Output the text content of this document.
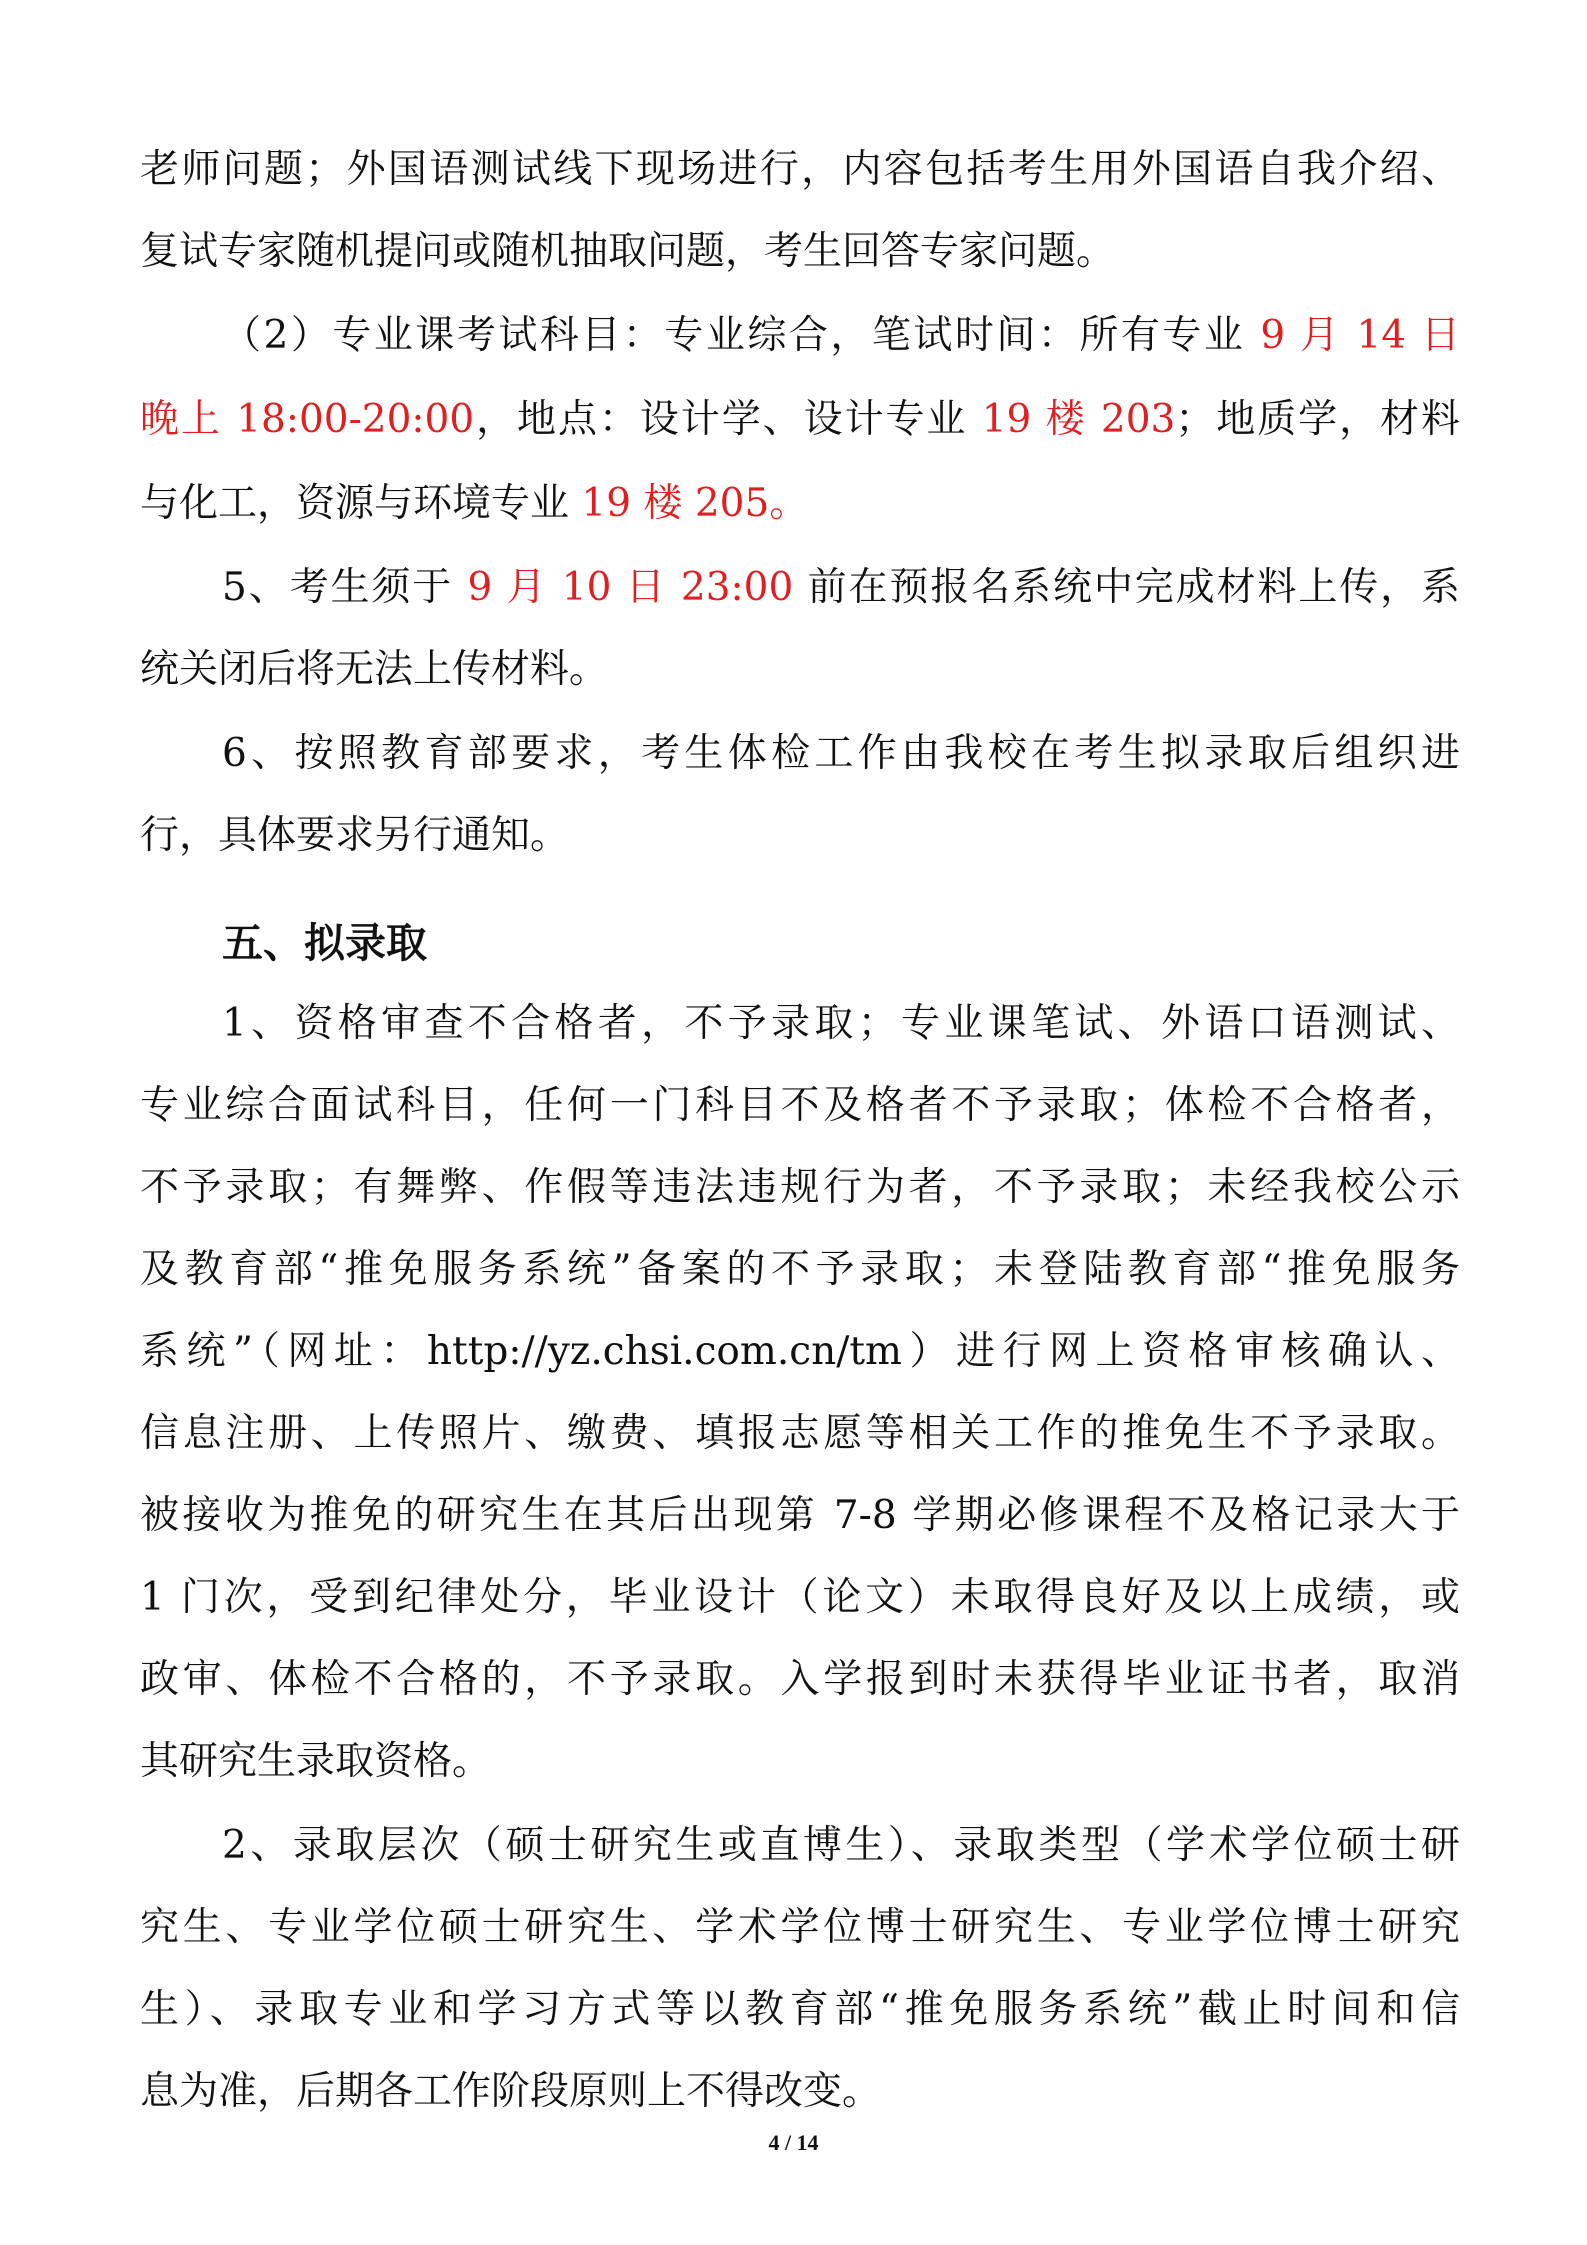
老师问题；外国语测试线下现场进行，内容包括考生用外国语自我介绍、
复试专家随机提问或随机抽取问题，考生回答专家问题。
（2）专业课考试科目：专业综合，笔试时间：所有专业 9 月 14 日
晚上 18:00-20:00，地点：设计学、设计专业 19 楼 203；地质学，材料
与化工，资源与环境专业 19 楼 205。
5、考生须于 9 月 10 日 23:00 前在预报名系统中完成材料上传，系
统关闭后将无法上传材料。
6、按照教育部要求，考生体检工作由我校在考生拟录取后组织进
行，具体要求另行通知。
五、拟录取
1、资格审查不合格者，不予录取；专业课笔试、外语口语测试、
专业综合面试科目，任何一门科目不及格者不予录取；体检不合格者，
不予录取；有舞弊、作假等违法违规行为者，不予录取；未经我校公示
及教育部“推免服务系统”备案的不予录取；未登陆教育部“推免服务
系统”（网址：http://yz.chsi.com.cn/tm）进行网上资格审核确认、
信息注册、上传照片、缴费、填报志愿等相关工作的推免生不予录取。
被接收为推免的研究生在其后出现第 7-8 学期必修课程不及格记录大于
1 门次，受到纪律处分，毕业设计（论文）未取得良好及以上成绩，或
政审、体检不合格的，不予录取。入学报到时未获得毕业证书者，取消
其研究生录取资格。
2、录取层次（硕士研究生或直博生）、录取类型（学术学位硕士研
究生、专业学位硕士研究生、学术学位博士研究生、专业学位博士研究
生）、录取专业和学习方式等以教育部“推免服务系统”截止时间和信
息为准，后期各工作阶段原则上不得改变。
4 / 14
